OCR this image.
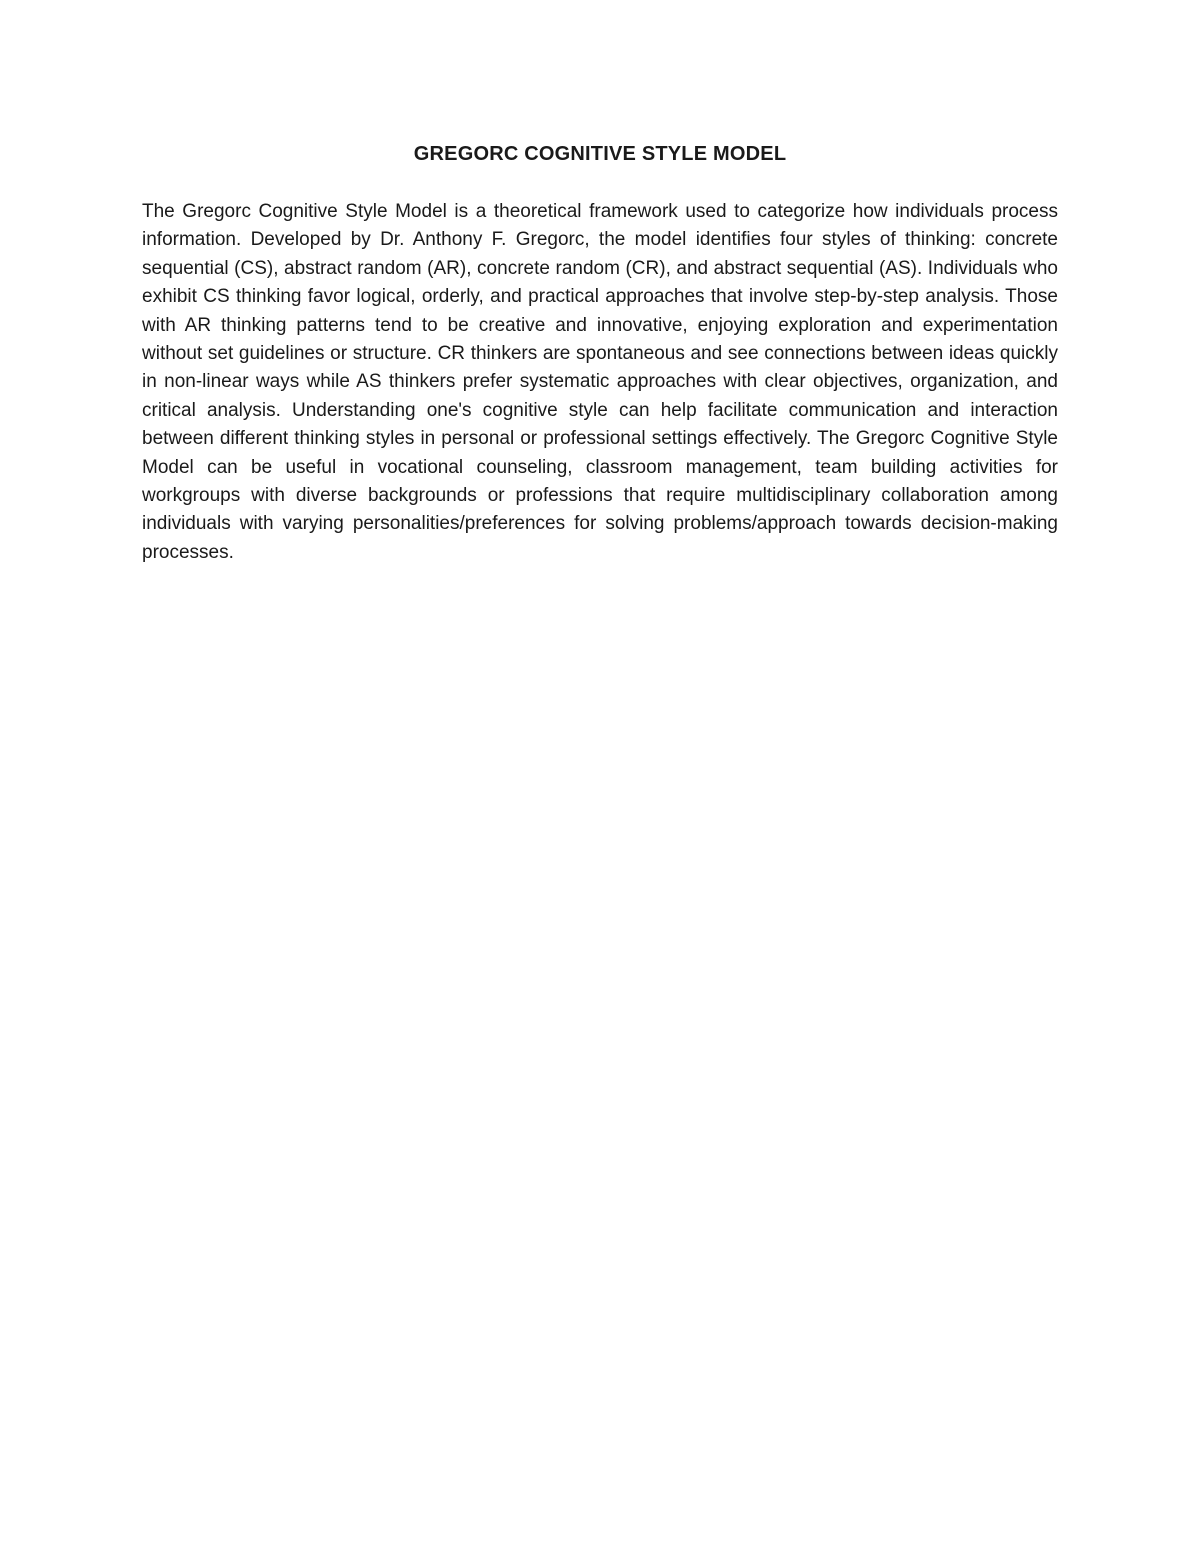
GREGORC COGNITIVE STYLE MODEL

The Gregorc Cognitive Style Model is a theoretical framework used to categorize how individuals process information. Developed by Dr. Anthony F. Gregorc, the model identifies four styles of thinking: concrete sequential (CS), abstract random (AR), concrete random (CR), and abstract sequential (AS). Individuals who exhibit CS thinking favor logical, orderly, and practical approaches that involve step-by-step analysis. Those with AR thinking patterns tend to be creative and innovative, enjoying exploration and experimentation without set guidelines or structure. CR thinkers are spontaneous and see connections between ideas quickly in non-linear ways while AS thinkers prefer systematic approaches with clear objectives, organization, and critical analysis. Understanding one's cognitive style can help facilitate communication and interaction between different thinking styles in personal or professional settings effectively. The Gregorc Cognitive Style Model can be useful in vocational counseling, classroom management, team building activities for workgroups with diverse backgrounds or professions that require multidisciplinary collaboration among individuals with varying personalities/preferences for solving problems/approach towards decision-making processes.
